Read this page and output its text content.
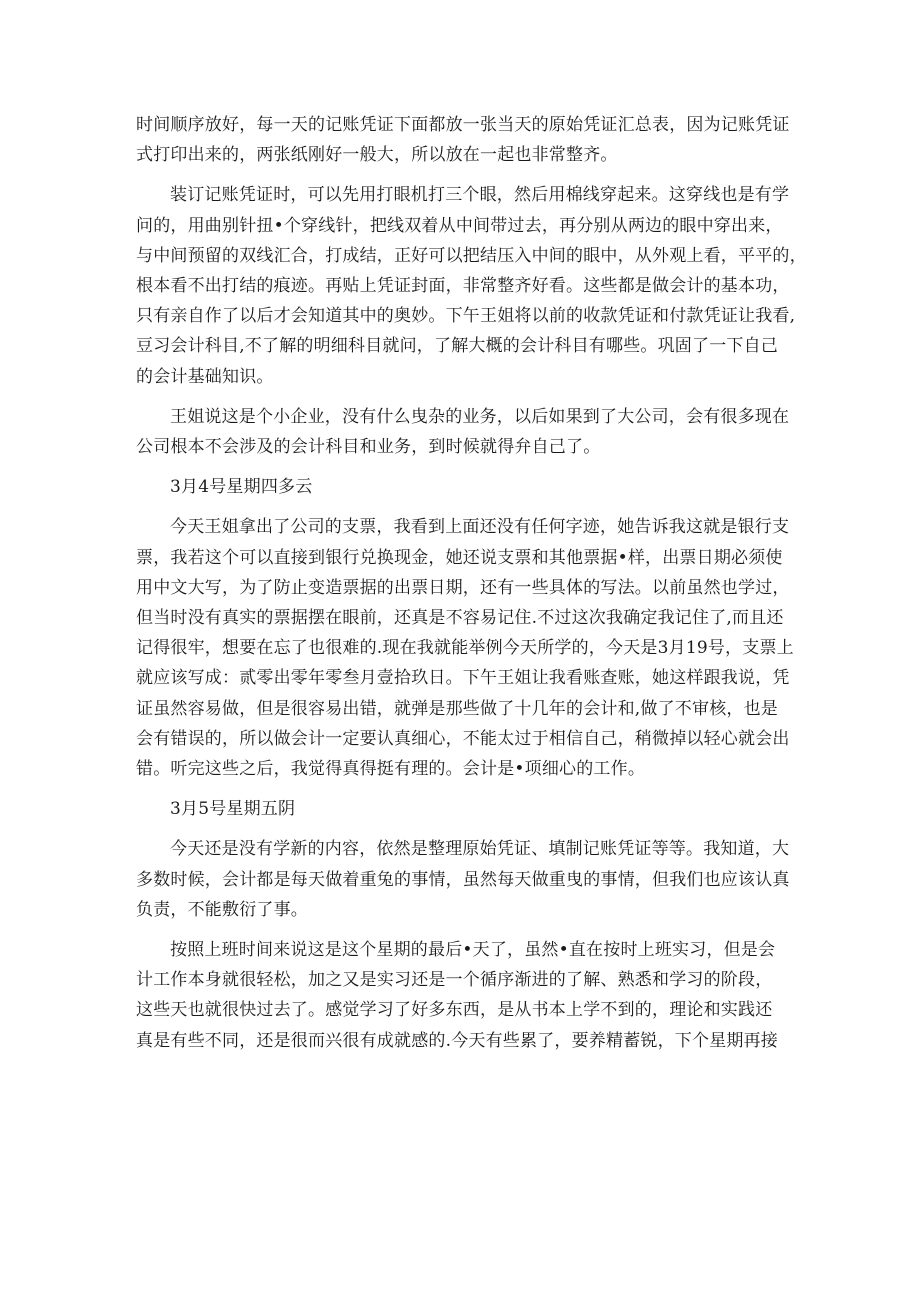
时间顺序放好，每一天的记账凭证下面都放一张当天的原始凭证汇总表，因为记账凭证
式打印出来的，两张纸刚好一般大，所以放在一起也非常整齐。

装订记账凭证时，可以先用打眼机打三个眼，然后用棉线穿起来。这穿线也是有学
问的，用曲别针扭•个穿线针，把线双着从中间带过去，再分别从两边的眼中穿出来，
与中间预留的双线汇合，打成结，正好可以把结压入中间的眼中，从外观上看，平平的，
根本看不出打结的痕迹。再贴上凭证封面，非常整齐好看。这些都是做会计的基本功，
只有亲自作了以后才会知道其中的奥妙。下午王姐将以前的收款凭证和付款凭证让我看,
豆习会计科目,不了解的明细科目就问，了解大概的会计科目有哪些。巩固了一下自己
的会计基础知识。

王姐说这是个小企业，没有什么曳杂的业务，以后如果到了大公司，会有很多现在
公司根本不会涉及的会计科目和业务，到时候就得弁自己了。

3月4号星期四多云

今天王姐拿出了公司的支票，我看到上面还没有任何字迹，她告诉我这就是银行支
票，我若这个可以直接到银行兑换现金，她还说支票和其他票据•样，出票日期必须使
用中文大写，为了防止变造票据的出票日期，还有一些具体的写法。以前虽然也学过，
但当时没有真实的票据摆在眼前，还真是不容易记住.不过这次我确定我记住了,而且还
记得很牢，想要在忘了也很难的.现在我就能举例今天所学的，今天是3月19号，支票上
就应该写成：贰零出零年零叁月壹拾玖日。下午王姐让我看账查账，她这样跟我说，凭
证虽然容易做，但是很容易出错，就弹是那些做了十几年的会计和,做了不审核，也是
会有错误的，所以做会计一定要认真细心，不能太过于相信自己，稍微掉以轻心就会出
错。听完这些之后，我觉得真得挺有理的。会计是•项细心的工作。

3月5号星期五阴

今天还是没有学新的内容，依然是整理原始凭证、填制记账凭证等等。我知道，大
多数时候，会计都是每天做着重兔的事情，虽然每天做重曳的事情，但我们也应该认真
负责，不能敷衍了事。

按照上班时间来说这是这个星期的最后•天了，虽然•直在按时上班实习，但是会
计工作本身就很轻松，加之又是实习还是一个循序渐进的了解、熟悉和学习的阶段，
这些天也就很快过去了。感觉学习了好多东西，是从书本上学不到的，理论和实践还
真是有些不同，还是很而兴很有成就感的.今天有些累了，要养精蓄锐，下个星期再接
